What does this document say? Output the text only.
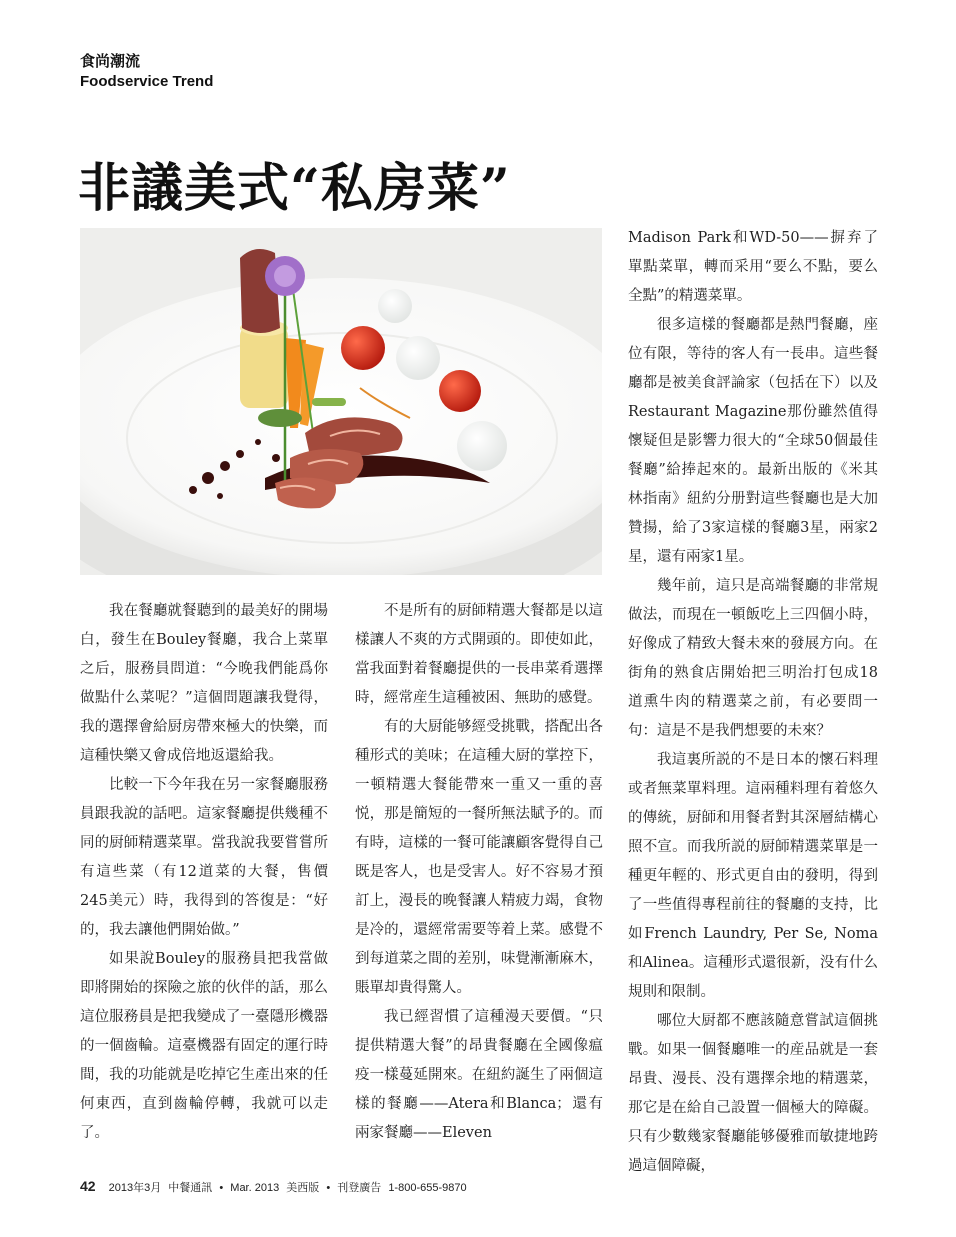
食尚潮流
Foodservice Trend
非議美式“私房菜”

我在餐廳就餐聽到的最美好的開場白，發生在Bouley餐廳，我合上菜單之后，服務員問道：“今晚我們能爲你做點什么菜呢？”這個問題讓我覺得，我的選擇會給厨房帶來極大的快樂，而這種快樂又會成倍地返還給我。

比較一下今年我在另一家餐廳服務員跟我說的話吧。這家餐廳提供幾種不同的厨師精選菜單。當我說我要嘗嘗所有這些菜（有12道菜的大餐，售價245美元）時，我得到的答復是：“好的，我去讓他們開始做。”

如果說Bouley的服務員把我當做即將開始的探險之旅的伙伴的話，那么這位服務員是把我變成了一臺隱形機器的一個齒輪。這臺機器有固定的運行時間，我的功能就是吃掉它生產出來的任何東西，直到齒輪停轉，我就可以走了。

不是所有的厨師精選大餐都是以這樣讓人不爽的方式開頭的。即使如此，當我面對着餐廳提供的一長串菜肴選擇時，經常産生這種被困、無助的感覺。

有的大厨能够經受挑戰，搭配出各種形式的美味；在這種大厨的掌控下，一頓精選大餐能帶來一重又一重的喜悦，那是簡短的一餐所無法賦予的。而有時，這樣的一餐可能讓顧客覺得自己既是客人，也是受害人。好不容易才預訂上，漫長的晚餐讓人精疲力竭，食物是冷的，還經常需要等着上菜。感覺不到每道菜之間的差别，味覺漸漸麻木，賬單却貴得驚人。

我已經習慣了這種漫天要價。“只提供精選大餐”的昂貴餐廳在全國像瘟疫一樣蔓延開來。在紐約誕生了兩個這樣的餐廳——Atera和Blanca；還有兩家餐廳——Eleven

Madison Park和WD-50——摒弃了單點菜單，轉而采用“要么不點，要么全點”的精選菜單。

很多這樣的餐廳都是熱門餐廳，座位有限，等待的客人有一長串。這些餐廳都是被美食評論家（包括在下）以及Restaurant Magazine那份雖然值得懷疑但是影響力很大的“全球50個最佳餐廳”給捧起來的。最新出版的《米其林指南》紐約分册對這些餐廳也是大加贊揚，給了3家這樣的餐廳3星，兩家2星，還有兩家1星。

幾年前，這只是高端餐廳的非常規做法，而現在一頓飯吃上三四個小時，好像成了精致大餐未來的發展方向。在街角的熟食店開始把三明治打包成18道熏牛肉的精選菜之前，有必要問一句：這是不是我們想要的未來？

我這裏所説的不是日本的懷石料理或者無菜單料理。這兩種料理有着悠久的傳統，厨師和用餐者對其深層結構心照不宣。而我所説的厨師精選菜單是一種更年輕的、形式更自由的發明，得到了一些值得專程前往的餐廳的支持，比如French Laundry, Per Se, Noma和Alinea。這種形式還很新，没有什么規則和限制。

哪位大厨都不應該隨意嘗試這個挑戰。如果一個餐廳唯一的産品就是一套昂貴、漫長、没有選擇余地的精選菜，那它是在給自己設置一個極大的障礙。只有少數幾家餐廳能够優雅而敏捷地跨過這個障礙，

42 2013年3月 中餐通訊 • Mar. 2013 美西版 • 刊登廣告 1-800-655-9870
